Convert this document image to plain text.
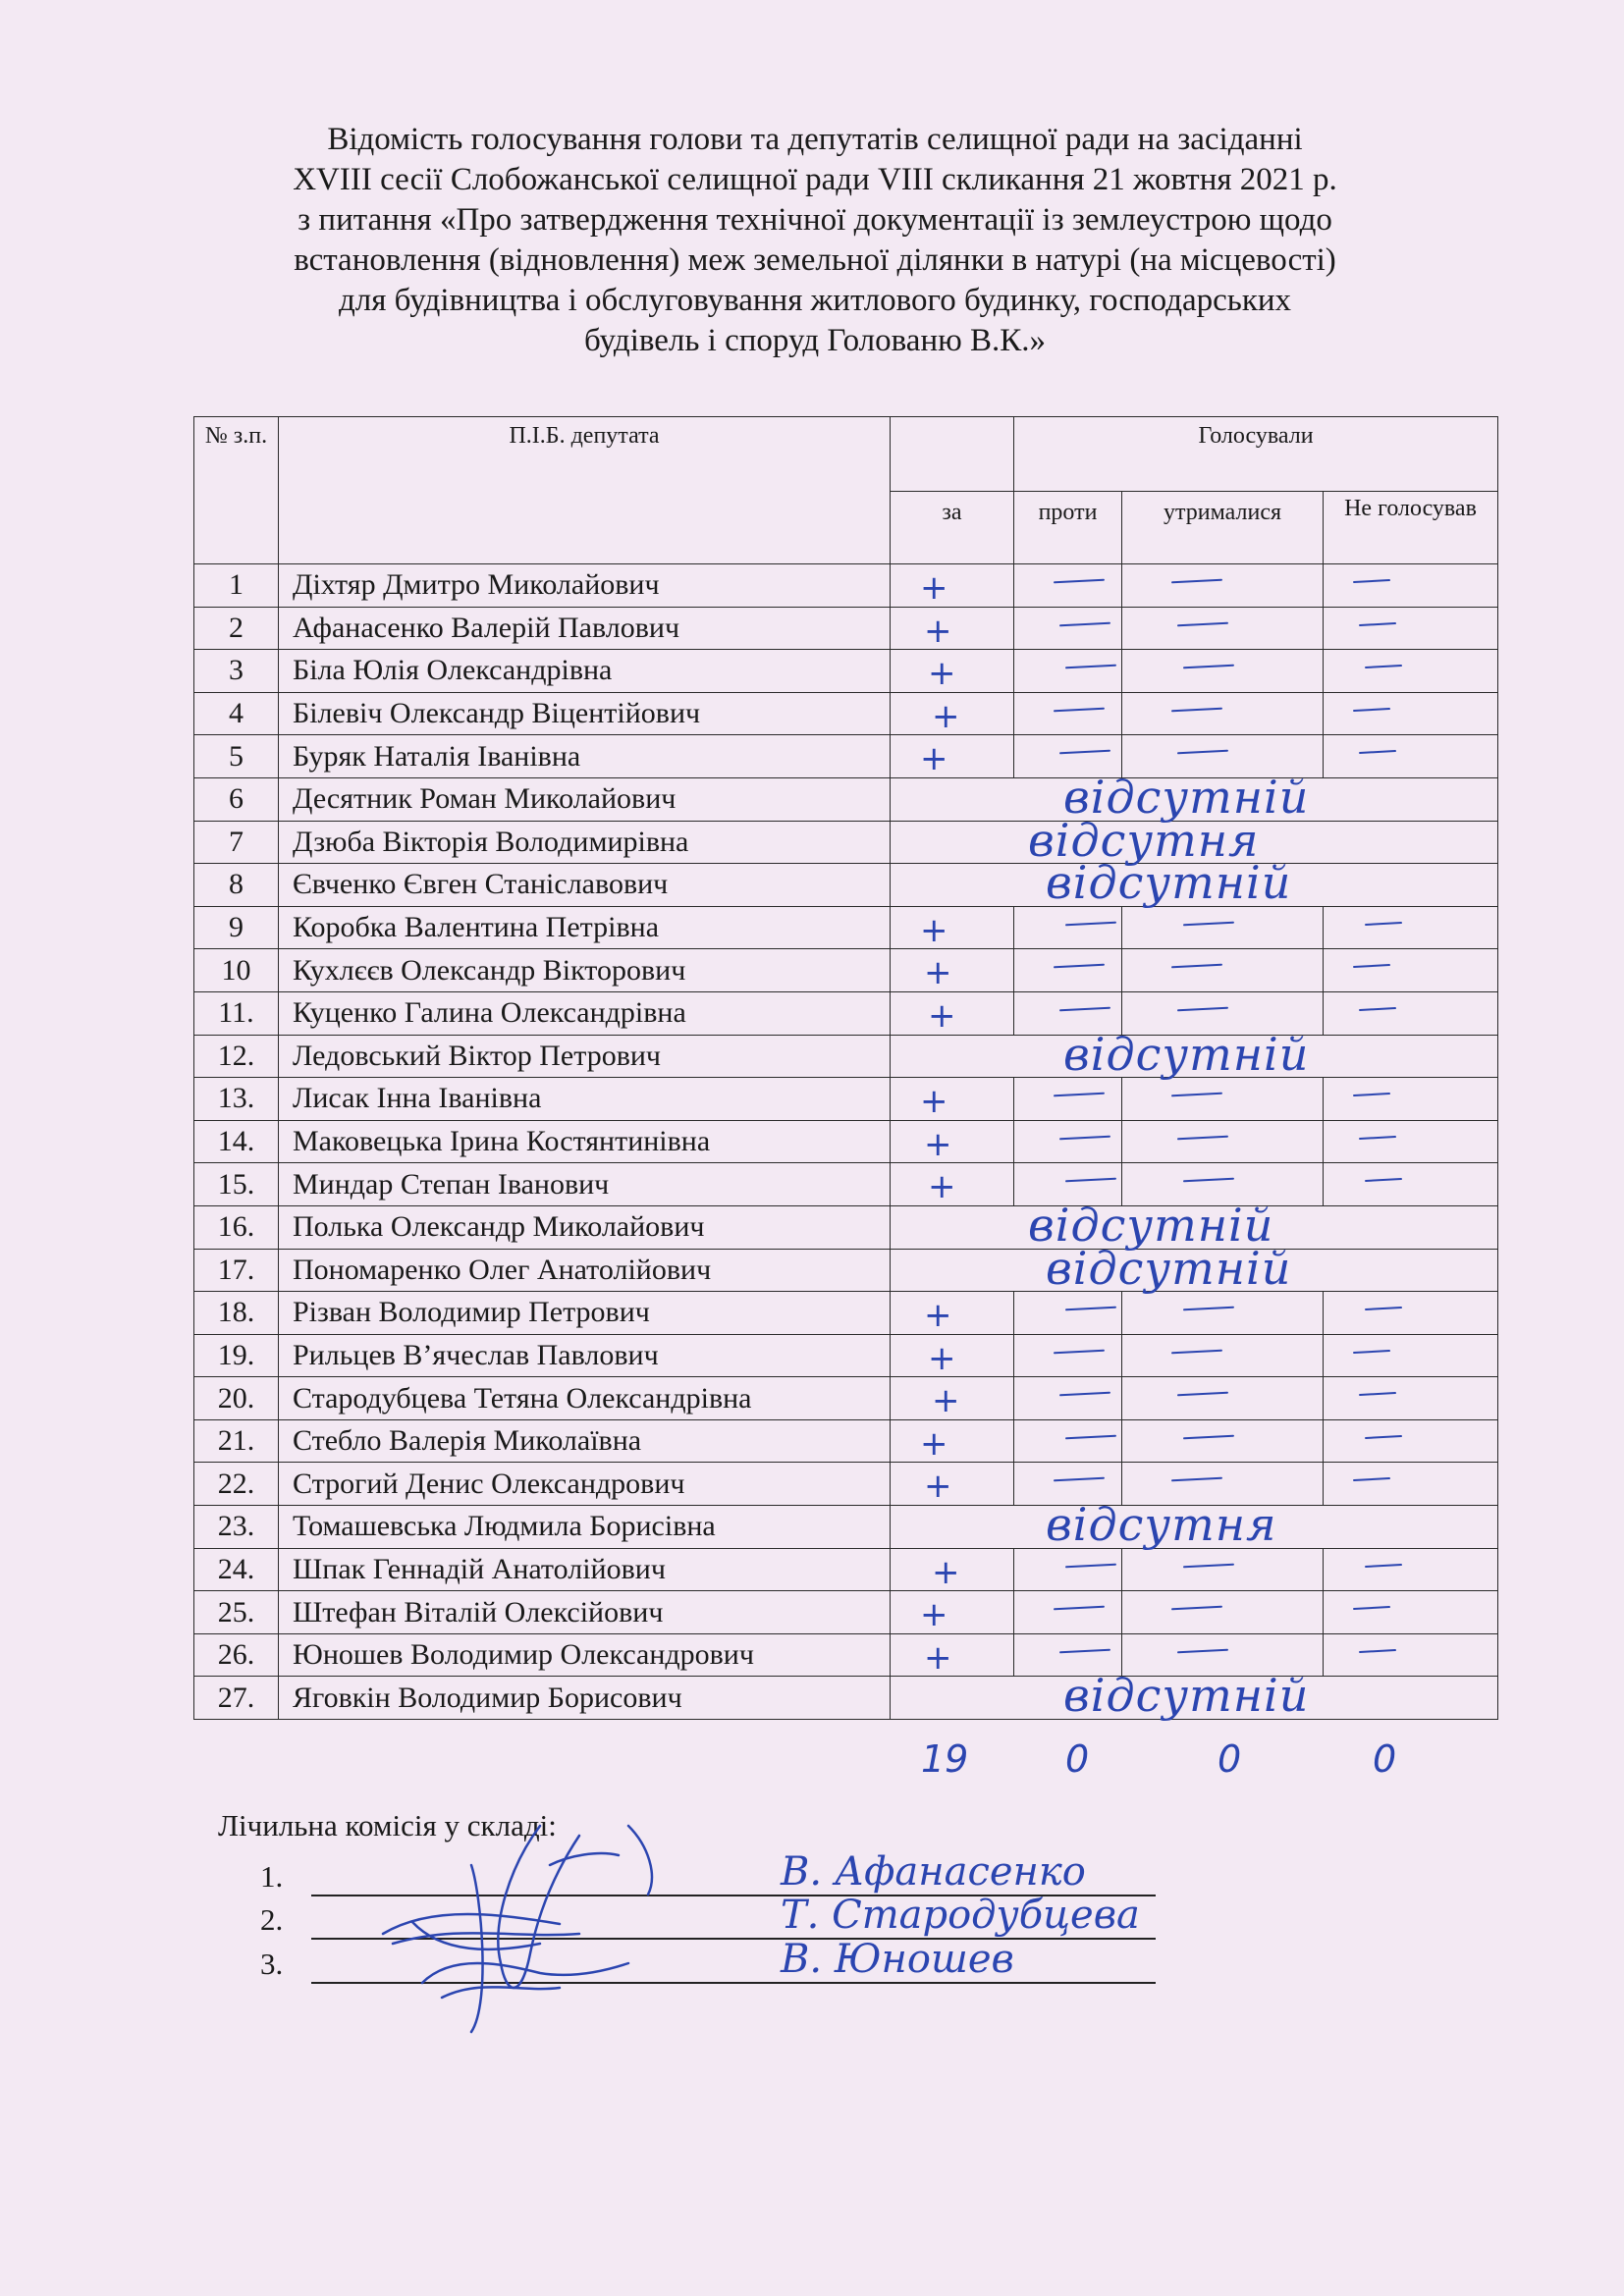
Відомість голосування голови та депутатів селищної ради на засіданні
XVIII сесії Слобожанської селищної ради VIII скликання 21 жовтня 2021 р.
з питання «Про затвердження технічної документації із землеустрою щодо
встановлення (відновлення) меж земельної ділянки в натурі (на місцевості)
для будівництва і обслуговування житлового будинку, господарських
будівель і споруд Голованю В.К.»
№ з.п.	П.І.Б. депутата		Голосували		
		за	проти	утрималися	Не голосував
1	Діхтяр Дмитро Миколайович	+			

2	Афанасенко Валерій Павлович	+			

3	Біла Юлія Олександрівна	+			

4	Білевіч Олександр Віцентійович	+			

5	Буряк Наталія Іванівна	+			

6	Десятник Роман Миколайович	відсутній			

7	Дзюба Вікторія Володимирівна	відсутня			

8	Євченко Євген Станіславович	відсутній			

9	Коробка Валентина Петрівна	+			

10	Кухлєєв Олександр Вікторович	+			

11.	Куценко Галина Олександрівна	+			

12.	Ледовський Віктор Петрович	відсутній			

13.	Лисак Інна Іванівна	+			

14.	Маковецька Ірина Костянтинівна	+			

15.	Миндар Степан Іванович	+			

16.	Полька Олександр Миколайович	відсутній			

17.	Пономаренко Олег Анатолійович	відсутній			

18.	Різван Володимир Петрович	+			

19.	Рильцев В’ячеслав Павлович	+			

20.	Стародубцева Тетяна Олександрівна	+			

21.	Стебло Валерія Миколаївна	+			

22.	Строгий Денис Олександрович	+			

23.	Томашевська Людмила Борисівна	відсутня			

24.	Шпак Геннадій Анатолійович	+			

25.	Штефан Віталій Олексійович	+			

26.	Юношев Володимир Олександрович	+			

27.	Яговкін Володимир Борисович	відсутній			
19	0	0	0
Лічильна комісія у складі:
1.	В. Афанасенко
2.	Т. Стародубцева
3.	В. Юношев
